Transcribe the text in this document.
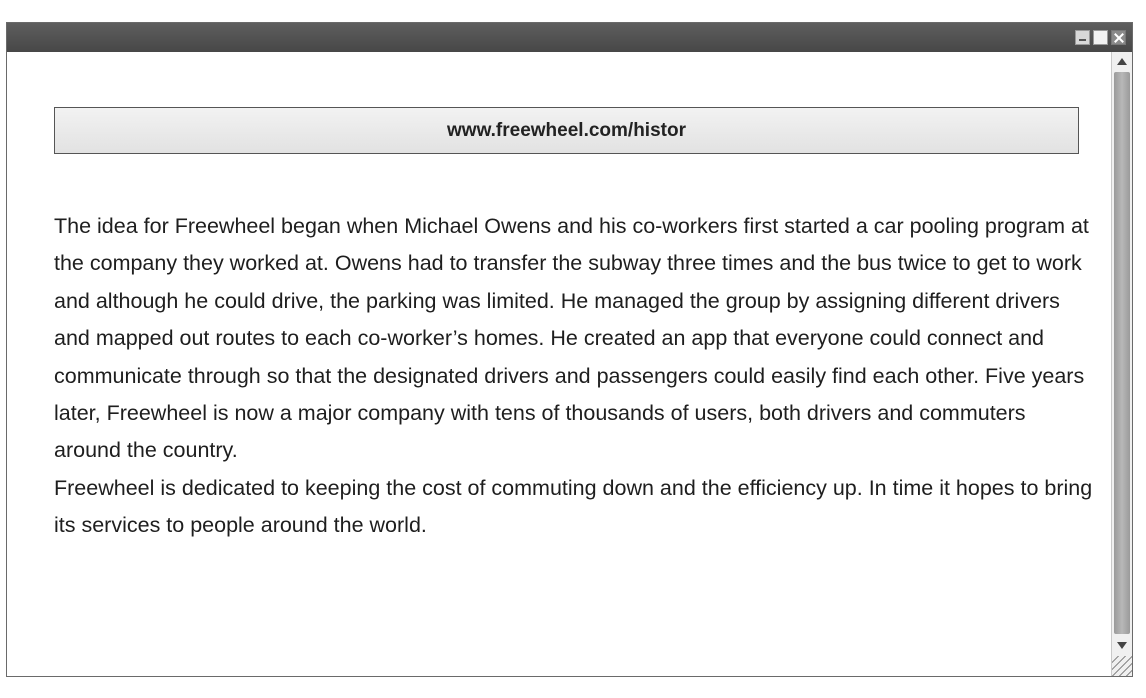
www.freewheel.com/histor

The idea for Freewheel began when Michael Owens and his co-workers first started a car pooling program at the company they worked at. Owens had to transfer the subway three times and the bus twice to get to work and although he could drive, the parking was limited. He managed the group by assigning different drivers and mapped out routes to each co-worker’s homes. He created an app that everyone could connect and communicate through so that the designated drivers and passengers could easily find each other. Five years later, Freewheel is now a major company with tens of thousands of users, both drivers and commuters around the country.

Freewheel is dedicated to keeping the cost of commuting down and the efficiency up. In time it hopes to bring its services to people around the world.
